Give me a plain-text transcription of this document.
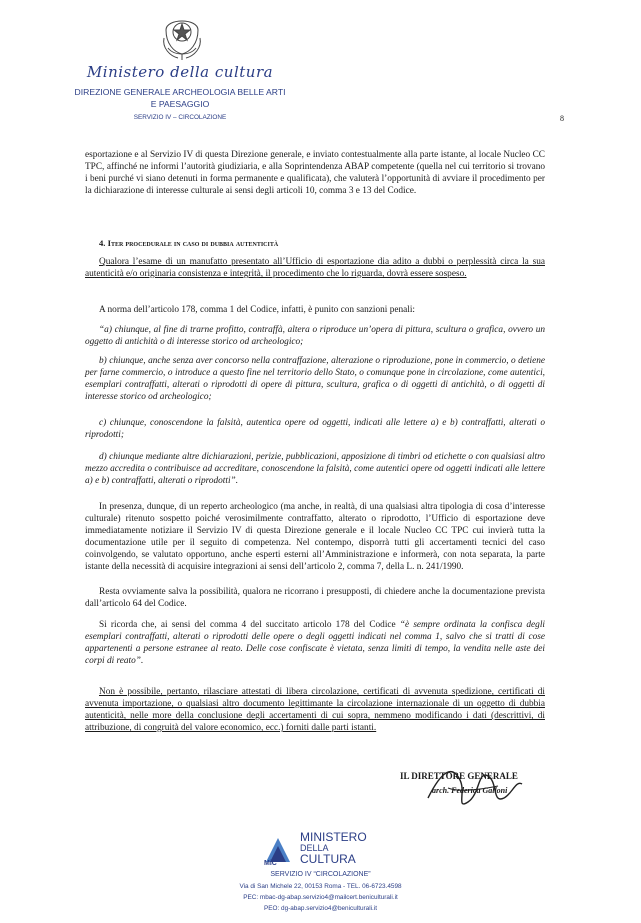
Ministero della cultura
DIREZIONE GENERALE ARCHEOLOGIA BELLE ARTI
E PAESAGGIO
SERVIZIO IV – CIRCOLAZIONE	8

esportazione e al Servizio IV di questa Direzione generale, e inviato contestualmente alla parte istante, al locale Nucleo CC TPC, affinché ne informi l’autorità giudiziaria, e alla Soprintendenza ABAP competente (quella nel cui territorio si trovano i beni purché vi siano detenuti in forma permanente e qualificata), che valuterà l’opportunità di avviare il procedimento per la dichiarazione di interesse culturale ai sensi degli articoli 10, comma 3 e 13 del Codice.

4. Iter procedurale in caso di dubbia autenticità

Qualora l’esame di un manufatto presentato all’Ufficio di esportazione dia adito a dubbi o perplessità circa la sua autenticità e/o originaria consistenza e integrità, il procedimento che lo riguarda, dovrà essere sospeso.

A norma dell’articolo 178, comma 1 del Codice, infatti, è punito con sanzioni penali:

“a) chiunque, al fine di trarne profitto, contraffà, altera o riproduce un’opera di pittura, scultura o grafica, ovvero un oggetto di antichità o di interesse storico od archeologico;

b) chiunque, anche senza aver concorso nella contraffazione, alterazione o riproduzione, pone in commercio, o detiene per farne commercio, o introduce a questo fine nel territorio dello Stato, o comunque pone in circolazione, come autentici, esemplari contraffatti, alterati o riprodotti di opere di pittura, scultura, grafica o di oggetti di antichità, o di oggetti di interesse storico od archeologico;

c) chiunque, conoscendone la falsità, autentica opere od oggetti, indicati alle lettere a) e b) contraffatti, alterati o riprodotti;

d) chiunque mediante altre dichiarazioni, perizie, pubblicazioni, apposizione di timbri od etichette o con qualsiasi altro mezzo accredita o contribuisce ad accreditare, conoscendone la falsità, come autentici opere od oggetti indicati alle lettere a) e b) contraffatti, alterati o riprodotti”.

In presenza, dunque, di un reperto archeologico (ma anche, in realtà, di una qualsiasi altra tipologia di cosa d’interesse culturale) ritenuto sospetto poiché verosimilmente contraffatto, alterato o riprodotto, l’Ufficio di esportazione deve immediatamente notiziare il Servizio IV di questa Direzione generale e il locale Nucleo CC TPC cui invierà tutta la documentazione utile per il seguito di competenza. Nel contempo, disporrà tutti gli accertamenti tecnici del caso coinvolgendo, se valutato opportuno, anche esperti esterni all’Amministrazione e informerà, con nota separata, la parte istante della necessità di acquisire integrazioni ai sensi dell’articolo 2, comma 7, della L. n. 241/1990.

Resta ovviamente salva la possibilità, qualora ne ricorrano i presupposti, di chiedere anche la documentazione prevista dall’articolo 64 del Codice.

Si ricorda che, ai sensi del comma 4 del succitato articolo 178 del Codice “è sempre ordinata la confisca degli esemplari contraffatti, alterati o riprodotti delle opere o degli oggetti indicati nel comma 1, salvo che si tratti di cose appartenenti a persone estranee al reato. Delle cose confiscate è vietata, senza limiti di tempo, la vendita nelle aste dei corpi di reato”.

Non è possibile, pertanto, rilasciare attestati di libera circolazione, certificati di avvenuta spedizione, certificati di avvenuta importazione, o qualsiasi altro documento legittimante la circolazione internazionale di un oggetto di dubbia autenticità, nelle more della conclusione degli accertamenti di cui sopra, nemmeno modificando i dati (descrittivi, di attribuzione, di congruità del valore economico, ecc.) forniti dalle parti istanti.

IL DIRETTORE GENERALE
arch. Federica Galloni
MiC
MINISTERO
DELLA
CULTURA
SERVIZIO IV “CIRCOLAZIONE”
Via di San Michele 22, 00153 Roma - TEL. 06-6723.4598
PEC: mbac-dg-abap.servizio4@mailcert.beniculturali.it
PEO: dg-abap.servizio4@beniculturali.it
